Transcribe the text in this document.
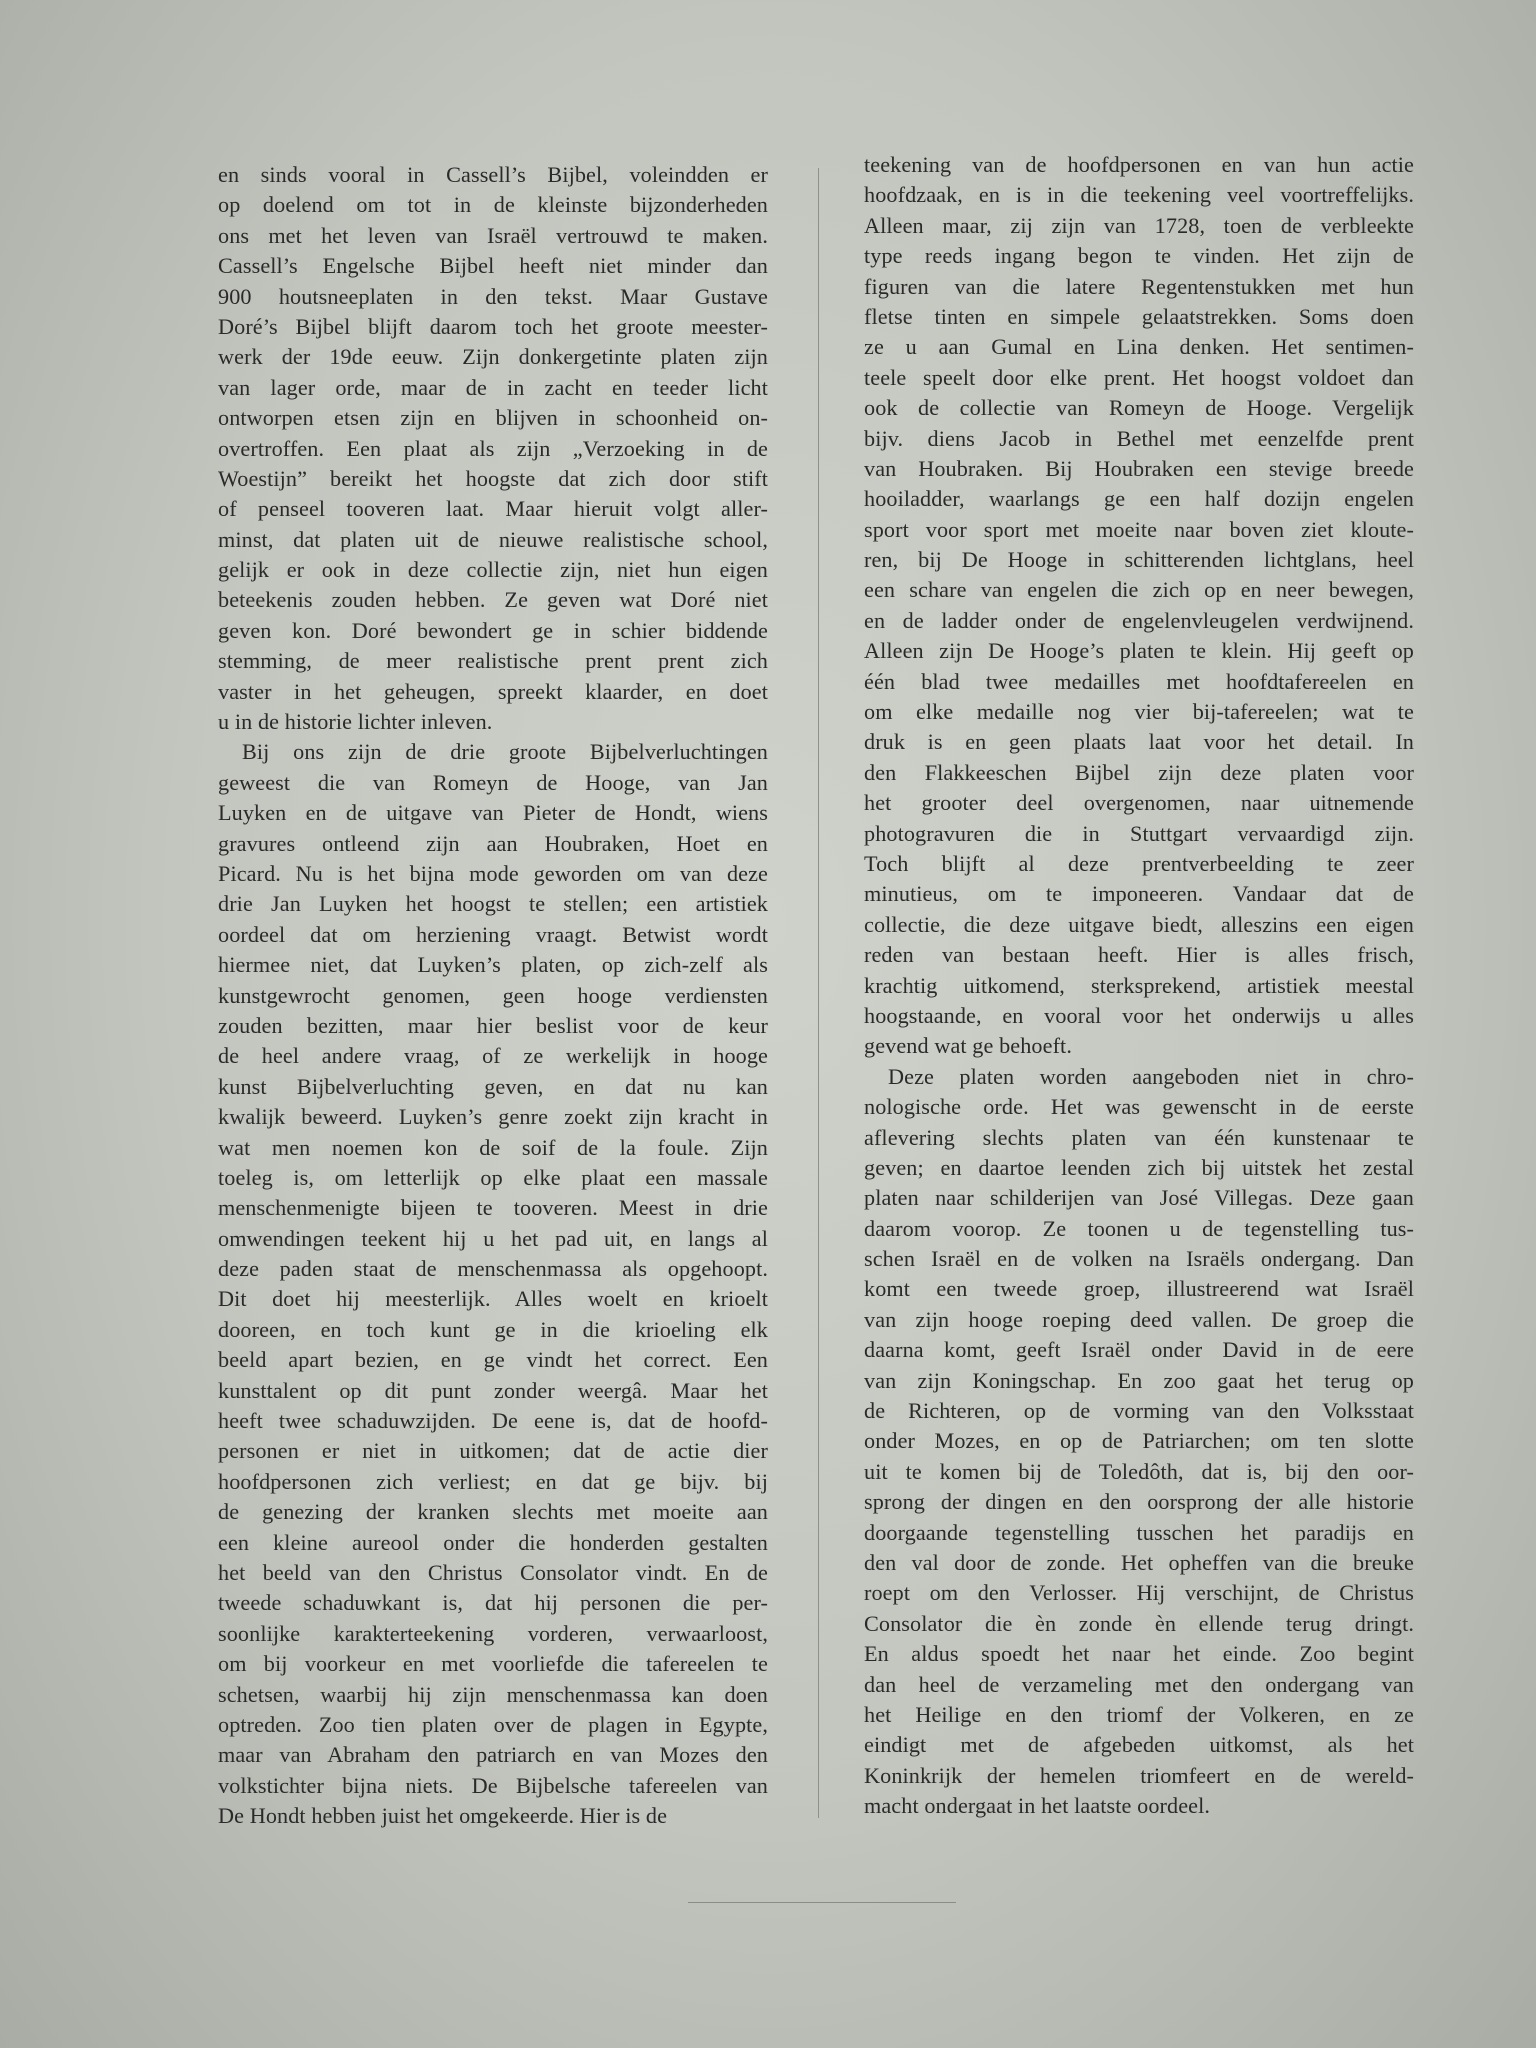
en sinds vooral in Cassell’s Bijbel, voleindden er
op doelend om tot in de kleinste bijzonderheden
ons met het leven van Israël vertrouwd te maken.
Cassell’s Engelsche Bijbel heeft niet minder dan
900 houtsneeplaten in den tekst. Maar Gustave
Doré’s Bijbel blijft daarom toch het groote meester-
werk der 19de eeuw. Zijn donkergetinte platen zijn
van lager orde, maar de in zacht en teeder licht
ontworpen etsen zijn en blijven in schoonheid on-
overtroffen. Een plaat als zijn „Verzoeking in de
Woestijn” bereikt het hoogste dat zich door stift
of penseel tooveren laat. Maar hieruit volgt aller-
minst, dat platen uit de nieuwe realistische school,
gelijk er ook in deze collectie zijn, niet hun eigen
beteekenis zouden hebben. Ze geven wat Doré niet
geven kon. Doré bewondert ge in schier biddende
stemming, de meer realistische prent prent zich
vaster in het geheugen, spreekt klaarder, en doet
u in de historie lichter inleven.
Bij ons zijn de drie groote Bijbelverluchtingen
geweest die van Romeyn de Hooge, van Jan
Luyken en de uitgave van Pieter de Hondt, wiens
gravures ontleend zijn aan Houbraken, Hoet en
Picard. Nu is het bijna mode geworden om van deze
drie Jan Luyken het hoogst te stellen; een artistiek
oordeel dat om herziening vraagt. Betwist wordt
hiermee niet, dat Luyken’s platen, op zich-zelf als
kunstgewrocht genomen, geen hooge verdiensten
zouden bezitten, maar hier beslist voor de keur
de heel andere vraag, of ze werkelijk in hooge
kunst Bijbelverluchting geven, en dat nu kan
kwalijk beweerd. Luyken’s genre zoekt zijn kracht in
wat men noemen kon de soif de la foule. Zijn
toeleg is, om letterlijk op elke plaat een massale
menschenmenigte bijeen te tooveren. Meest in drie
omwendingen teekent hij u het pad uit, en langs al
deze paden staat de menschenmassa als opgehoopt.
Dit doet hij meesterlijk. Alles woelt en krioelt
dooreen, en toch kunt ge in die krioeling elk
beeld apart bezien, en ge vindt het correct. Een
kunsttalent op dit punt zonder weergâ. Maar het
heeft twee schaduwzijden. De eene is, dat de hoofd-
personen er niet in uitkomen; dat de actie dier
hoofdpersonen zich verliest; en dat ge bijv. bij
de genezing der kranken slechts met moeite aan
een kleine aureool onder die honderden gestalten
het beeld van den Christus Consolator vindt. En de
tweede schaduwkant is, dat hij personen die per-
soonlijke karakterteekening vorderen, verwaarloost,
om bij voorkeur en met voorliefde die tafereelen te
schetsen, waarbij hij zijn menschenmassa kan doen
optreden. Zoo tien platen over de plagen in Egypte,
maar van Abraham den patriarch en van Mozes den
volkstichter bijna niets. De Bijbelsche tafereelen van
De Hondt hebben juist het omgekeerde. Hier is de
teekening van de hoofdpersonen en van hun actie
hoofdzaak, en is in die teekening veel voortreffelijks.
Alleen maar, zij zijn van 1728, toen de verbleekte
type reeds ingang begon te vinden. Het zijn de
figuren van die latere Regentenstukken met hun
fletse tinten en simpele gelaatstrekken. Soms doen
ze u aan Gumal en Lina denken. Het sentimen-
teele speelt door elke prent. Het hoogst voldoet dan
ook de collectie van Romeyn de Hooge. Vergelijk
bijv. diens Jacob in Bethel met eenzelfde prent
van Houbraken. Bij Houbraken een stevige breede
hooiladder, waarlangs ge een half dozijn engelen
sport voor sport met moeite naar boven ziet kloute-
ren, bij De Hooge in schitterenden lichtglans, heel
een schare van engelen die zich op en neer bewegen,
en de ladder onder de engelenvleugelen verdwijnend.
Alleen zijn De Hooge’s platen te klein. Hij geeft op
één blad twee medailles met hoofdtafereelen en
om elke medaille nog vier bij-tafereelen; wat te
druk is en geen plaats laat voor het detail. In
den Flakkeeschen Bijbel zijn deze platen voor
het grooter deel overgenomen, naar uitnemende
photogravuren die in Stuttgart vervaardigd zijn.
Toch blijft al deze prentverbeelding te zeer
minutieus, om te imponeeren. Vandaar dat de
collectie, die deze uitgave biedt, alleszins een eigen
reden van bestaan heeft. Hier is alles frisch,
krachtig uitkomend, sterksprekend, artistiek meestal
hoogstaande, en vooral voor het onderwijs u alles
gevend wat ge behoeft.
Deze platen worden aangeboden niet in chro-
nologische orde. Het was gewenscht in de eerste
aflevering slechts platen van één kunstenaar te
geven; en daartoe leenden zich bij uitstek het zestal
platen naar schilderijen van José Villegas. Deze gaan
daarom voorop. Ze toonen u de tegenstelling tus-
schen Israël en de volken na Israëls ondergang. Dan
komt een tweede groep, illustreerend wat Israël
van zijn hooge roeping deed vallen. De groep die
daarna komt, geeft Israël onder David in de eere
van zijn Koningschap. En zoo gaat het terug op
de Richteren, op de vorming van den Volksstaat
onder Mozes, en op de Patriarchen; om ten slotte
uit te komen bij de Toledôth, dat is, bij den oor-
sprong der dingen en den oorsprong der alle historie
doorgaande tegenstelling tusschen het paradijs en
den val door de zonde. Het opheffen van die breuke
roept om den Verlosser. Hij verschijnt, de Christus
Consolator die èn zonde èn ellende terug dringt.
En aldus spoedt het naar het einde. Zoo begint
dan heel de verzameling met den ondergang van
het Heilige en den triomf der Volkeren, en ze
eindigt met de afgebeden uitkomst, als het
Koninkrijk der hemelen triomfeert en de wereld-
macht ondergaat in het laatste oordeel.
